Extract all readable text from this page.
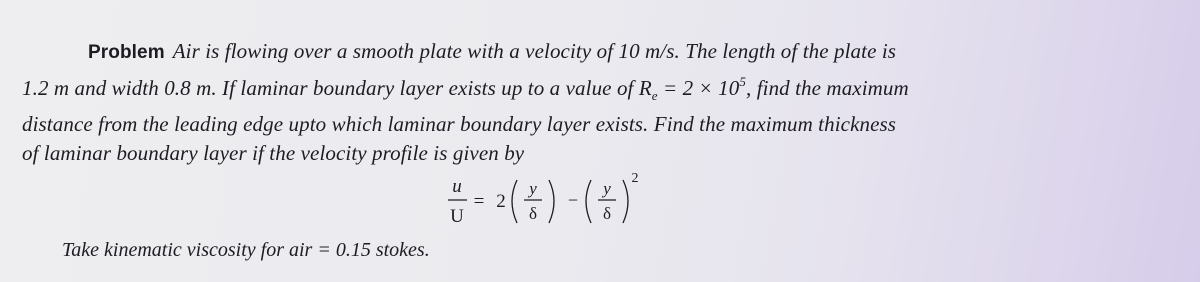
Problem Air is flowing over a smooth plate with a velocity of 10 m/s. The length of the plate is
1.2 m and width 0.8 m. If laminar boundary layer exists up to a value of $R_e = 2 \times 10^5$, find the maximum
distance from the leading edge upto which laminar boundary layer exists. Find the maximum thickness
of laminar boundary layer if the velocity profile is given by
u
U
= 2
y
δ
−
y
δ
2
Take kinematic viscosity for air = 0.15 stokes.
